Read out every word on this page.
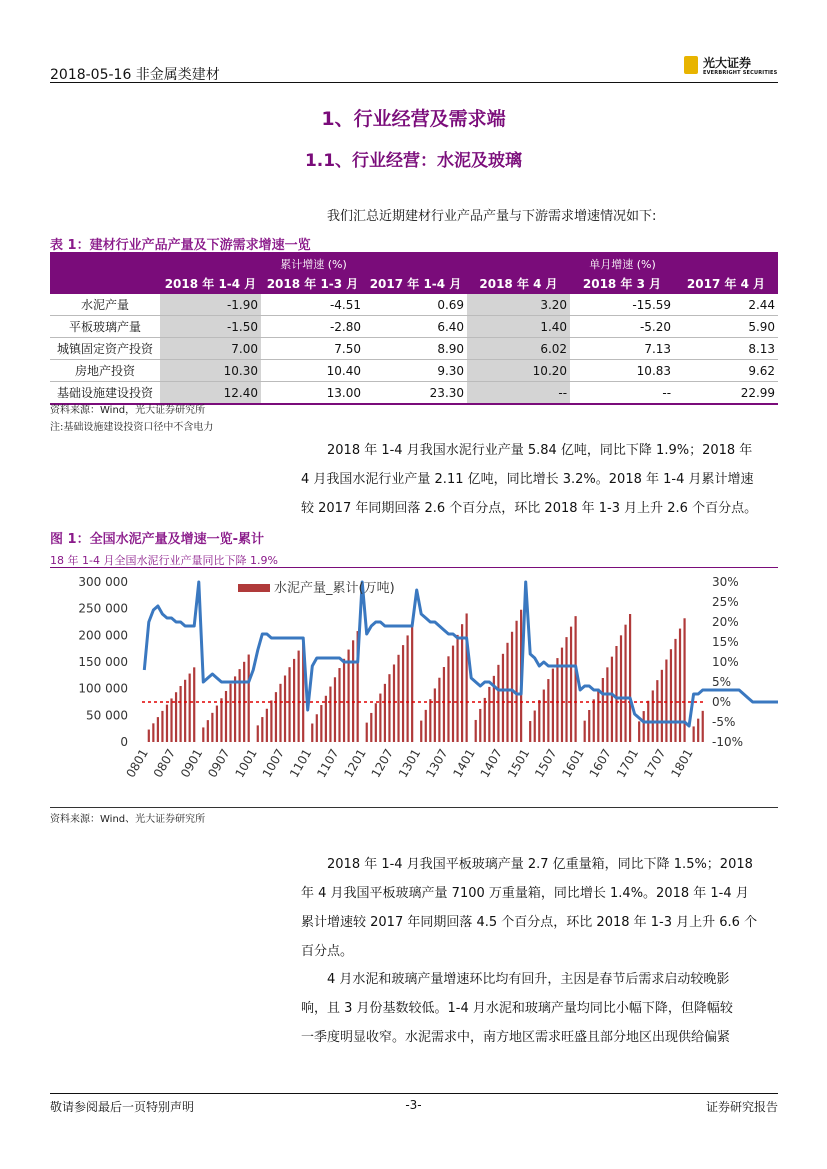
2018-05-16 非金属类建材
光大证券
EVERBRIGHT SECURITIES
1、行业经营及需求端
1.1、行业经营：水泥及玻璃
我们汇总近期建材行业产品产量与下游需求增速情况如下:
表 1：建材行业产品产量及下游需求增速一览
	累计增速 (%)			单月增速 (%)		
	2018 年 1-4 月	2018 年 1-3 月	2017 年 1-4 月	2018 年 4 月	2018 年 3 月	2017 年 4 月
水泥产量	-1.90	-4.51	0.69	3.20	-15.59	2.44
平板玻璃产量	-1.50	-2.80	6.40	1.40	-5.20	5.90
城镇固定资产投资	7.00	7.50	8.90	6.02	7.13	8.13
房地产投资	10.30	10.40	9.30	10.20	10.83	9.62
基础设施建设投资	12.40	13.00	23.30	--	--	22.99
资料来源：Wind，光大证券研究所
注:基础设施建设投资口径中不含电力
2018 年 1-4 月我国水泥行业产量 5.84 亿吨，同比下降 1.9%；2018 年
4 月我国水泥行业产量 2.11 亿吨，同比增长 3.2%。2018 年 1-4 月累计增速
较 2017 年同期回落 2.6 个百分点，环比 2018 年 1-3 月上升 2.6 个百分点。
图 1：全国水泥产量及增速一览-累计
18 年 1-4 月全国水泥行业产量同比下降 1.9%
0
50 000
100 000
150 000
200 000
250 000
300 000
-10%
-5%
0%
5%
10%
15%
20%
25%
30%
0801 0807 0901 0907 1001 1007 1101 1107 1201 1207 1301 1307 1401 1407 1501 1507 1601 1607 1701 1707 1801
水泥产量_累计(万吨)
资料来源：Wind、光大证券研究所
2018 年 1-4 月我国平板玻璃产量 2.7 亿重量箱，同比下降 1.5%；2018
年 4 月我国平板玻璃产量 7100 万重量箱，同比增长 1.4%。2018 年 1-4 月
累计增速较 2017 年同期回落 4.5 个百分点，环比 2018 年 1-3 月上升 6.6 个
百分点。
4 月水泥和玻璃产量增速环比均有回升，主因是春节后需求启动较晚影
响，且 3 月份基数较低。1-4 月水泥和玻璃产量均同比小幅下降，但降幅较
一季度明显收窄。水泥需求中，南方地区需求旺盛且部分地区出现供给偏紧
敬请参阅最后一页特别声明	-3-	证券研究报告
